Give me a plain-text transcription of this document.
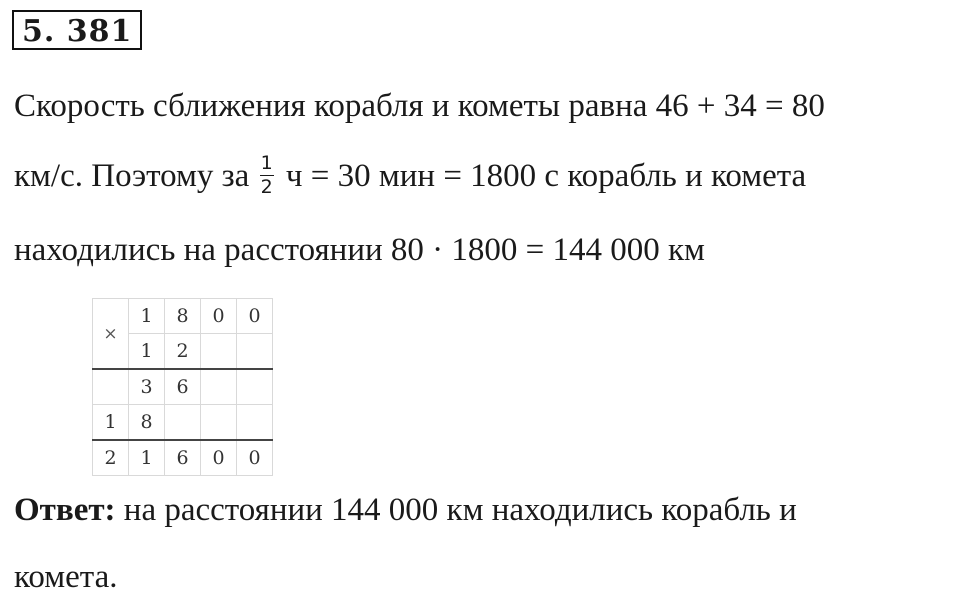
5. 381
Скорость сближения корабля и кометы равна 46 + 34 = 80
км/с. Поэтому за $\frac{1}{2}$ ч = 30 мин = 1800 с корабль и комета
находились на расстоянии 80 · 1800 = 144 000 км
×	1	8	0	0
	1	2		
	3	6		
1	8			
2	1	6	0	0
Ответ: на расстоянии 144 000 км находились корабль и
комета.
